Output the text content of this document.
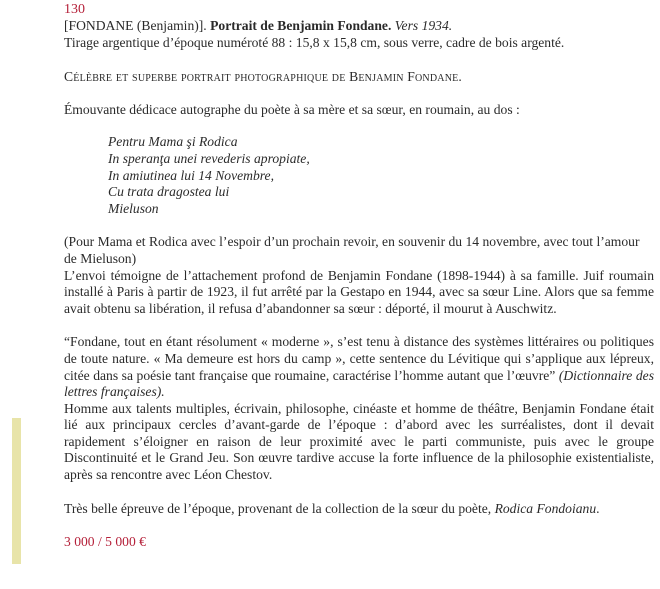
130
[FONDANE (Benjamin)]. Portrait de Benjamin Fondane. Vers 1934.
Tirage argentique d’époque numéroté 88 : 15,8 x 15,8 cm, sous verre, cadre de bois argenté.
Célèbre et superbe portrait photographique de Benjamin Fondane.
Émouvante dédicace autographe du poète à sa mère et sa sœur, en roumain, au dos :
Pentru Mama şi Rodica
In speranţa unei revederis apropiate,
In amiutinea lui 14 Novembre,
Cu trata dragostea lui
Mieluson
(Pour Mama et Rodica avec l’espoir d’un prochain revoir, en souvenir du 14 novembre, avec tout l’amour de Mieluson)
L’envoi témoigne de l’attachement profond de Benjamin Fondane (1898-1944) à sa famille. Juif roumain installé à Paris à partir de 1923, il fut arrêté par la Gestapo en 1944, avec sa sœur Line. Alors que sa femme avait obtenu sa libération, il refusa d’abandonner sa sœur : déporté, il mourut à Auschwitz.
“Fondane, tout en étant résolument « moderne », s’est tenu à distance des systèmes littéraires ou politiques de toute nature. « Ma demeure est hors du camp », cette sentence du Lévitique qui s’applique aux lépreux, citée dans sa poésie tant française que roumaine, caractérise l’homme autant que l’œuvre” (Dictionnaire des lettres françaises).
Homme aux talents multiples, écrivain, philosophe, cinéaste et homme de théâtre, Benjamin Fondane était lié aux principaux cercles d’avant-garde de l’époque : d’abord avec les surréalistes, dont il devait rapidement s’éloigner en raison de leur proximité avec le parti communiste, puis avec le groupe Discontinuité et le Grand Jeu. Son œuvre tardive accuse la forte influence de la philosophie existentialiste, après sa rencontre avec Léon Chestov.
Très belle épreuve de l’époque, provenant de la collection de la sœur du poète, Rodica Fondoianu.
3 000 / 5 000 €
